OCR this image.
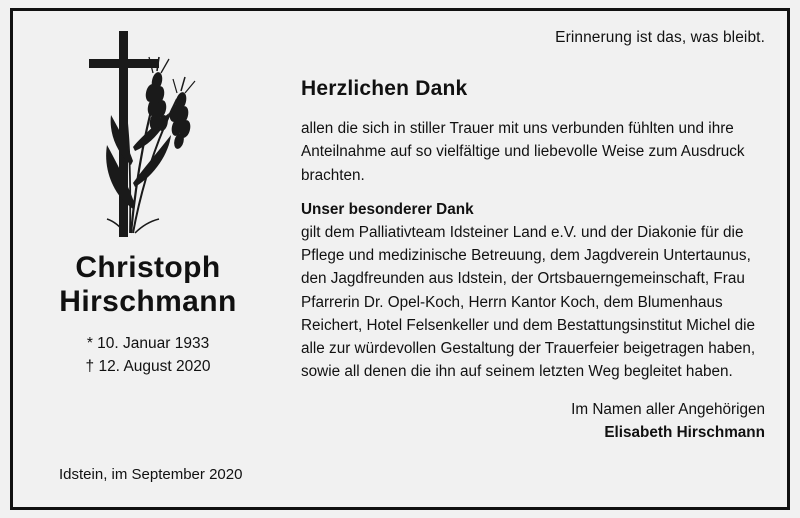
Erinnerung ist das, was bleibt.
Christoph
Hirschmann
* 10. Januar 1933
† 12. August 2020
Idstein, im September 2020
Herzlichen Dank

allen die sich in stiller Trauer mit uns verbunden fühlten und ihre Anteilnahme auf so vielfältige und liebevolle Weise zum Ausdruck brachten.

Unser besonderer Dank

gilt dem Palliativteam Idsteiner Land e.V. und der Diakonie für die Pflege und medizinische Betreuung, dem Jagdverein Untertaunus, den Jagdfreunden aus Idstein, der Ortsbauerngemeinschaft, Frau Pfarrerin Dr. Opel-Koch, Herrn Kantor Koch, dem Blumenhaus Reichert, Hotel Felsenkeller und dem Bestattungsinstitut Michel die alle zur würdevollen Gestaltung der Trauerfeier beigetragen haben, sowie all denen die ihn auf seinem letzten Weg begleitet haben.

Im Namen aller Angehörigen
Elisabeth Hirschmann
